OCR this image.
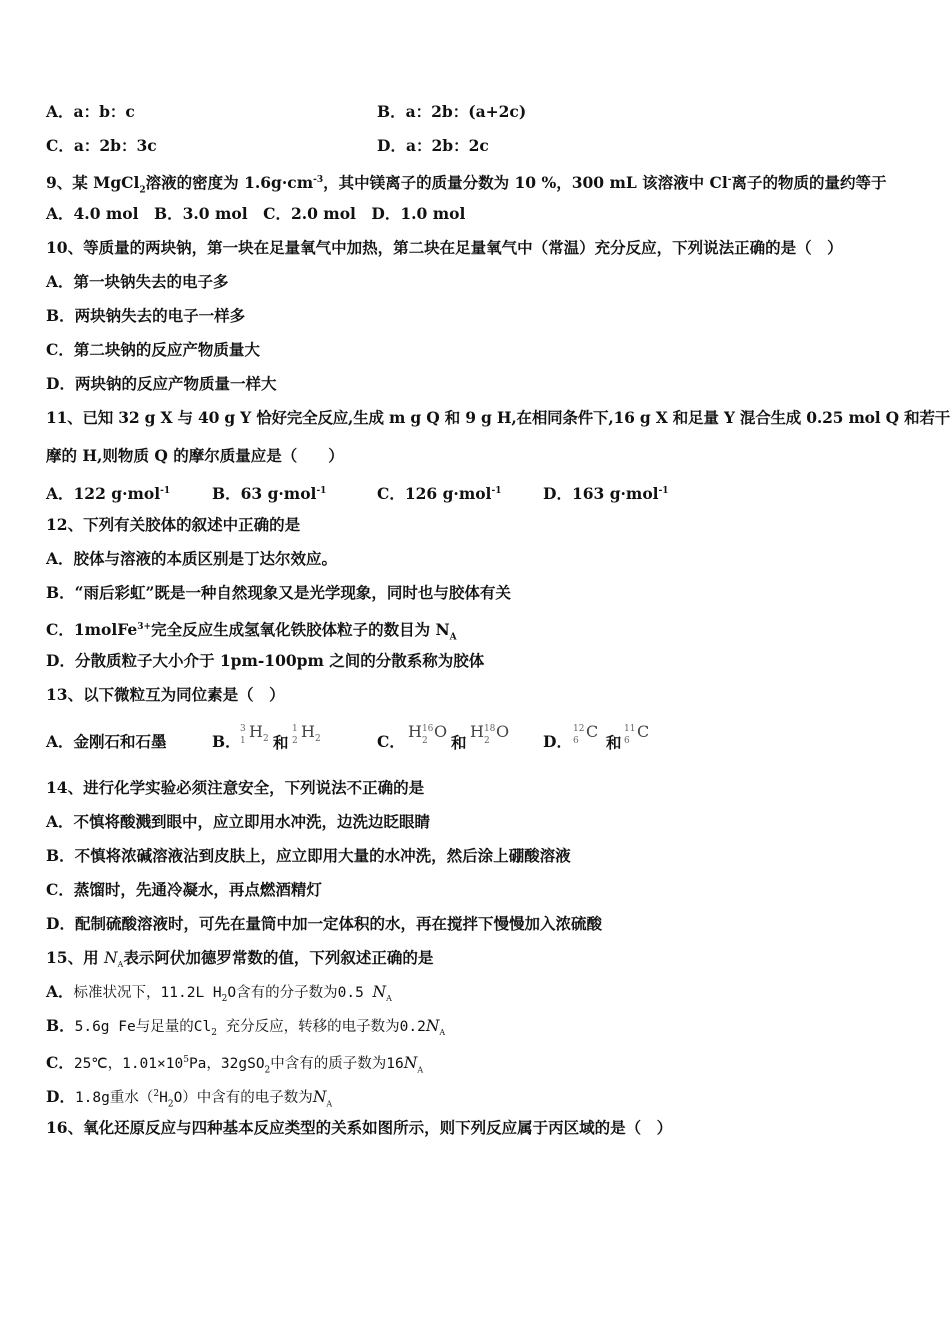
A．a：b：c	B．a：2b：(a+2c)
C．a：2b：3c	D．a：2b：2c
9、某 MgCl$_2$溶液的密度为 $1.6g\cdot cm^{-3}$，其中镁离子的质量分数为 10 %，300 mL 该溶液中 Cl-离子的物质的量约等于
A．4.0 mol　B．3.0 mol　C．2.0 mol　D．1.0 mol
10、等质量的两块钠，第一块在足量氧气中加热，第二块在足量氧气中（常温）充分反应，下列说法正确的是（　）
A．第一块钠失去的电子多
B．两块钠失去的电子一样多
C．第二块钠的反应产物质量大
D．两块钠的反应产物质量一样大
11、已知 32 g X 与 40 g Y 恰好完全反应,生成 m g Q 和 9 g H,在相同条件下,16 g X 和足量 Y 混合生成 0.25 mol Q 和若干
摩的 H,则物质 Q 的摩尔质量应是（　　）
A．122 g·mol$^{-1}$	B．63 g·mol$^{-1}$	C．126 g·mol$^{-1}$	D．163 g·mol$^{-1}$
12、下列有关胶体的叙述中正确的是
A．胶体与溶液的本质区别是丁达尔效应。
B．“雨后彩虹”既是一种自然现象又是光学现象，同时也与胶体有关
C．1molFe$^{3+}$完全反应生成氢氧化铁胶体粒子的数目为 $N_A$
D．分散质粒子大小介于 1pm-100pm 之间的分散系称为胶体
13、以下微粒互为同位素是（　）
A．金刚石和石墨	B．
3
1 $H_2$ 和
1
2 $H_2$	C．
H 16
2 O
和
H 18
2 O
D．
12
6 C
和
11
6 C
14、进行化学实验必须注意安全，下列说法不正确的是
A．不慎将酸溅到眼中，应立即用水冲洗，边洗边眨眼睛
B．不慎将浓碱溶液沾到皮肤上，应立即用大量的水冲洗，然后涂上硼酸溶液
C．蒸馏时，先通冷凝水，再点燃酒精灯
D．配制硫酸溶液时，可先在量筒中加一定体积的水，再在搅拌下慢慢加入浓硫酸
15、用 $N_A$表示阿伏加德罗常数的值，下列叙述正确的是
A．标准状况下，11.2L $H_2O$含有的分子数为0.5 $N_A$
B．5.6g Fe与足量的$Cl_2$ 充分反应，转移的电子数为$0.2N_A$
C．25℃，$1.01\times 10^5Pa$，32gSO$_2$中含有的质子数为$16N_A$
D．1.8g重水$(^2H_2O)$中含有的电子数为$N_A$
16、氧化还原反应与四种基本反应类型的关系如图所示，则下列反应属于丙区域的是（　）
